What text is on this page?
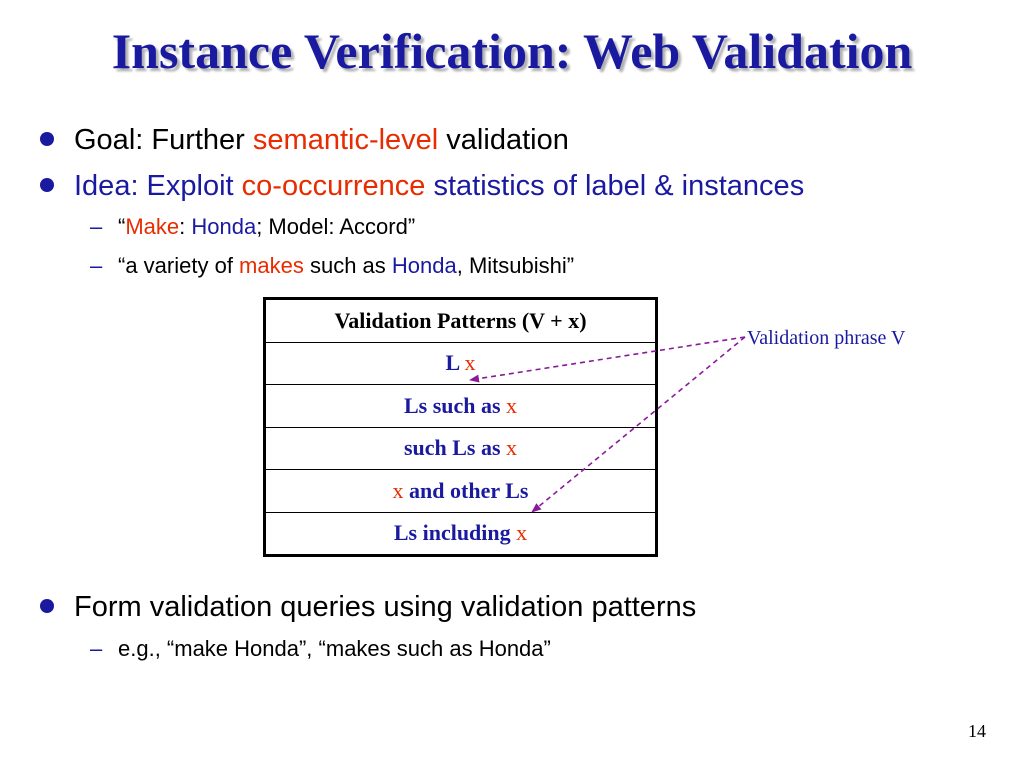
Instance Verification: Web Validation
Goal: Further semantic-level validation
Idea: Exploit co-occurrence statistics of label & instances
– “Make: Honda; Model: Accord”
– “a variety of makes such as Honda, Mitsubishi”
Validation Patterns (V + x)
L x
Ls such as x
such Ls as x
x and other Ls
Ls including x
Validation phrase V
Form validation queries using validation patterns
– e.g., “make Honda”, “makes such as Honda”
14
